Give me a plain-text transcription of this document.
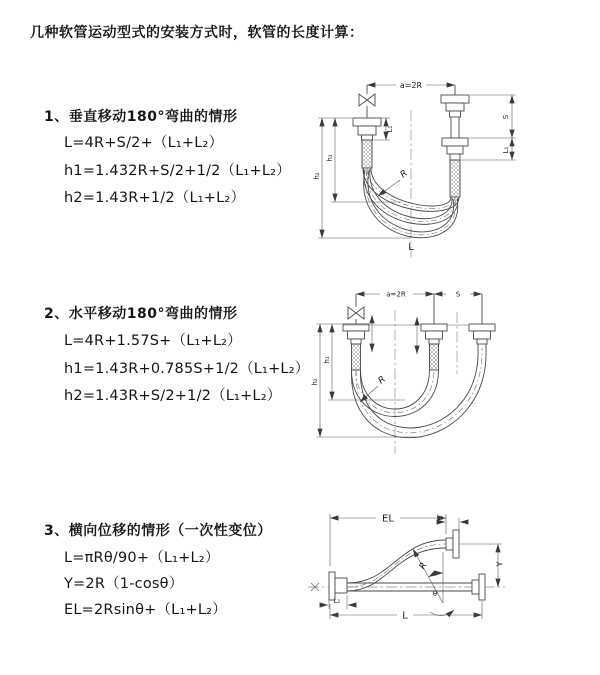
几种软管运动型式的安装方式时，软管的长度计算：
1、垂直移动180°弯曲的情形
L=4R+S/2+（L₁+L₂）
h1=1.432R+S/2+1/2（L₁+L₂）
h2=1.43R+1/2（L₁+L₂）
2、水平移动180°弯曲的情形
L=4R+1.57S+（L₁+L₂）
h1=1.43R+0.785S+1/2（L₁+L₂）
h2=1.43R+S/2+1/2（L₁+L₂）
3、横向位移的情形（一次性变位）
L=πRθ/90+（L₁+L₂）
Y=2R（1-cosθ）
EL=2Rsinθ+（L₁+L₂）
a=2R
S
L₁
L₁
h₁
h₂	R
L
a=2R	S
h₁
h₂	R
EL	L₁
Y
L
L₁
θ
R
